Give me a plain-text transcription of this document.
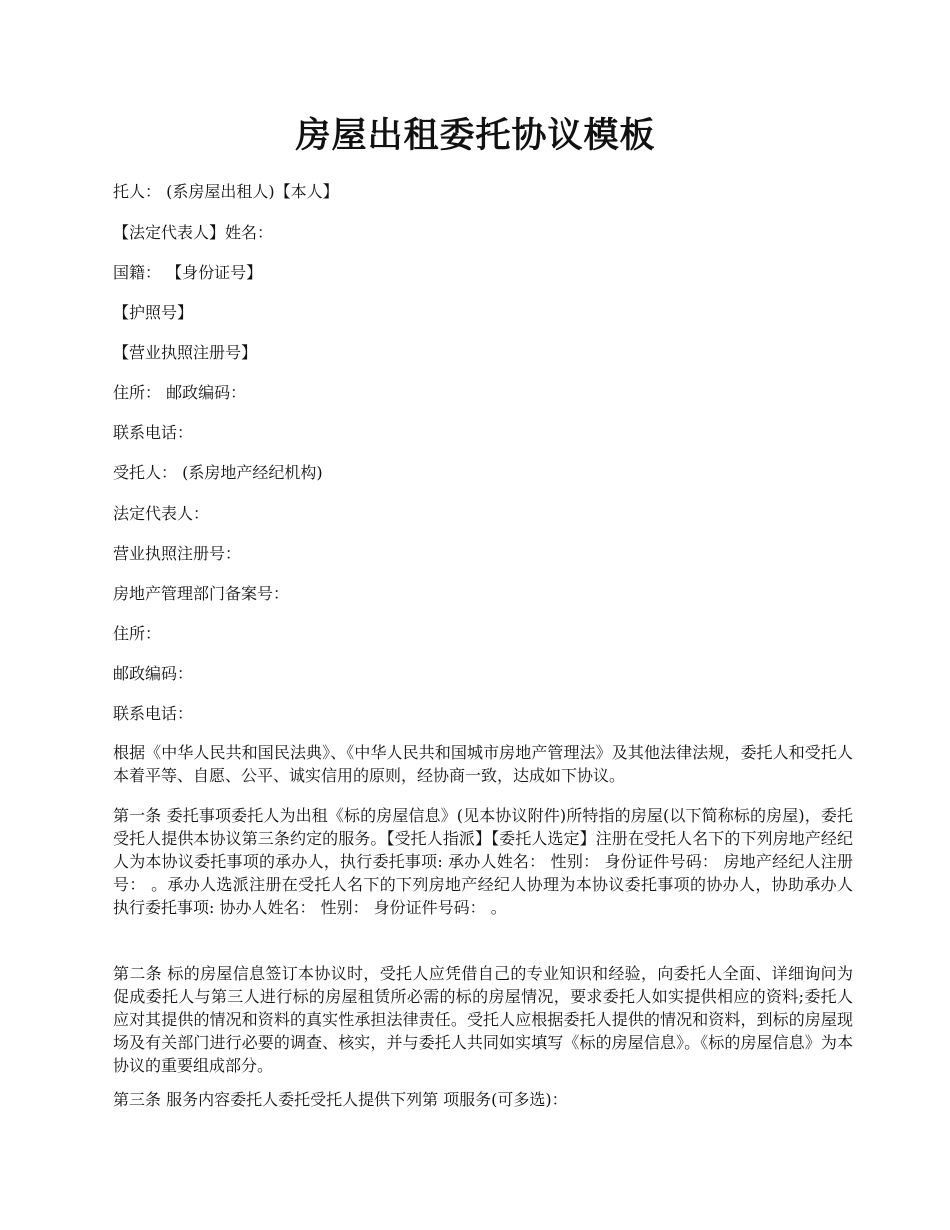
房屋出租委托协议模板

托人： (系房屋出租人)【本人】

【法定代表人】姓名：

国籍： 【身份证号】

【护照号】

【营业执照注册号】

住所： 邮政编码：

联系电话：

受托人： (系房地产经纪机构)

法定代表人：

营业执照注册号：

房地产管理部门备案号：

住所：

邮政编码：

联系电话：

根据《中华人民共和国民法典》、《中华人民共和国城市房地产管理法》及其他法律法规，委托人和受托人本着平等、自愿、公平、诚实信用的原则，经协商一致，达成如下协议。

第一条 委托事项委托人为出租《标的房屋信息》(见本协议附件)所特指的房屋(以下简称标的房屋)，委托受托人提供本协议第三条约定的服务。【受托人指派】【委托人选定】注册在受托人名下的下列房地产经纪人为本协议委托事项的承办人，执行委托事项: 承办人姓名： 性别： 身份证件号码： 房地产经纪人注册号： 。承办人选派注册在受托人名下的下列房地产经纪人协理为本协议委托事项的协办人，协助承办人执行委托事项: 协办人姓名： 性别： 身份证件号码： 。

第二条 标的房屋信息签订本协议时，受托人应凭借自己的专业知识和经验，向委托人全面、详细询问为促成委托人与第三人进行标的房屋租赁所必需的标的房屋情况，要求委托人如实提供相应的资料;委托人应对其提供的情况和资料的真实性承担法律责任。受托人应根据委托人提供的情况和资料，到标的房屋现场及有关部门进行必要的调查、核实，并与委托人共同如实填写《标的房屋信息》。《标的房屋信息》为本协议的重要组成部分。

第三条 服务内容委托人委托受托人提供下列第 项服务(可多选)：
